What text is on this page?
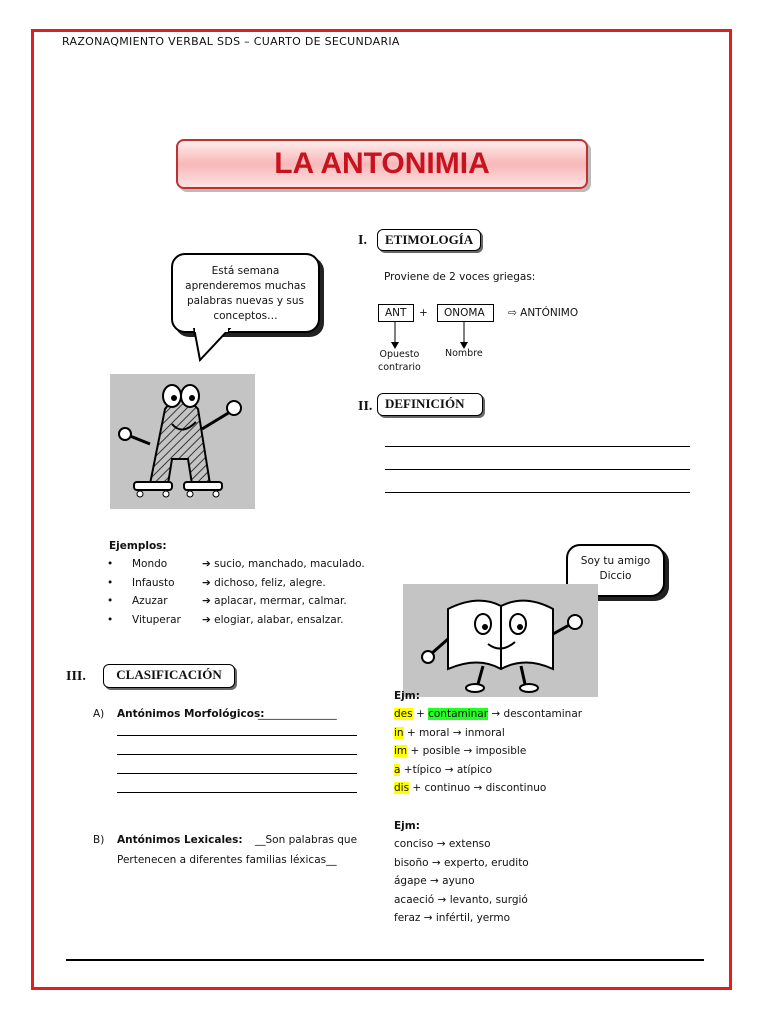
RAZONAQMIENTO VERBAL SDS – CUARTO DE SECUNDARIA
LA ANTONIMIA
Está semana aprenderemos muchas palabras nuevas y sus conceptos…
I.	ETIMOLOGÍA
Proviene de 2 voces griegas:
ANT	+	ONOMA	⇨ ANTÓNIMO
Opuesto
contrario
Nombre
II. DEFINICIÓN
Ejemplos:
• Mondo	➔ sucio, manchado, maculado.
• Infausto	➔ dichoso, feliz, alegre.
• Azuzar	➔ aplacar, mermar, calmar.
• Vituperar ➔ elogiar, alabar, ensalzar.
Soy tu amigo Diccio
III.	CLASIFICACIÓN
A) Antónimos Morfológicos:
_______________
B) Antónimos Lexicales: __Son palabras que
Pertenecen a diferentes familias léxicas__
Ejm:
des + contaminar → descontaminar
in + moral → inmoral
im + posible → imposible
a +típico → atípico
dis + continuo → discontinuo
Ejm:
conciso → extenso
bisoño → experto, erudito
ágape → ayuno
acaeció → levanto, surgió
feraz → infértil, yermo
